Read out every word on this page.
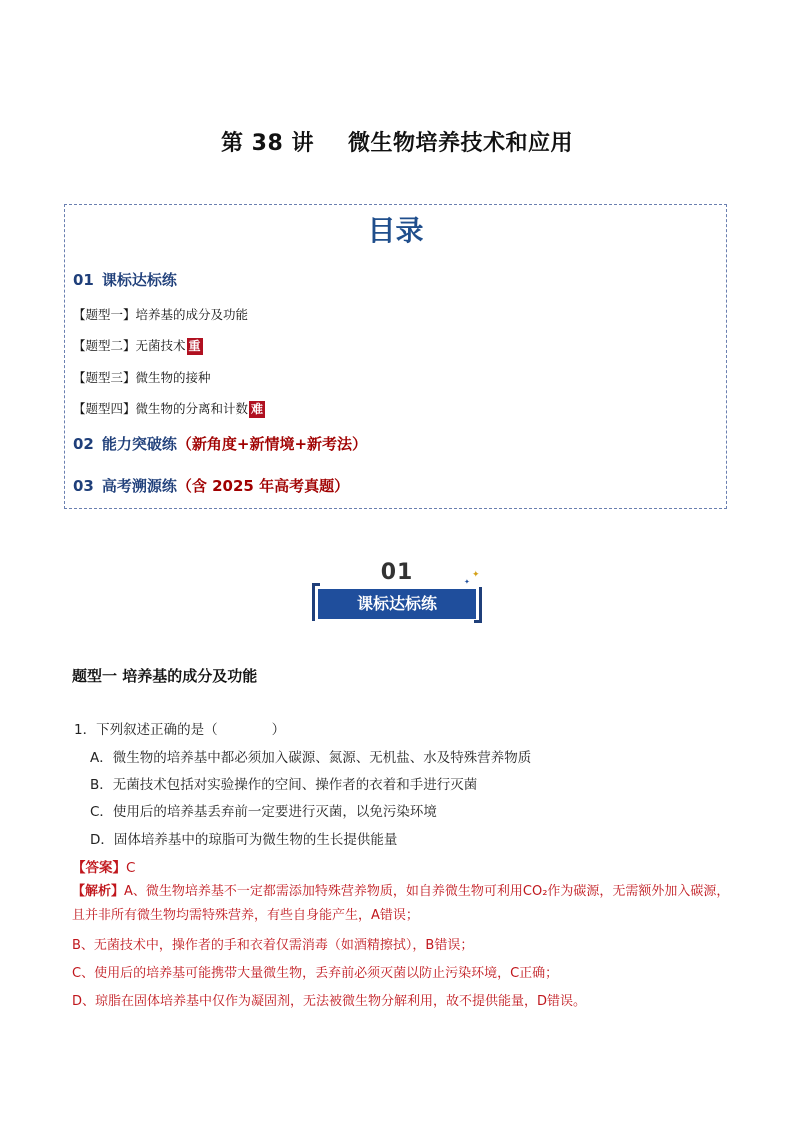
第 38 讲 微生物培养技术和应用
目录
01 课标达标练
【题型一】培养基的成分及功能
【题型二】无菌技术 重
【题型三】微生物的接种
【题型四】微生物的分离和计数 难
02 能力突破练（新角度+新情境+新考法）
03 高考溯源练（含 2025 年高考真题）
01
课标达标练
✦
✦
题型一 培养基的成分及功能
1．下列叙述正确的是（　　　　）
A．微生物的培养基中都必须加入碳源、氮源、无机盐、水及特殊营养物质
B．无菌技术包括对实验操作的空间、操作者的衣着和手进行灭菌
C．使用后的培养基丢弃前一定要进行灭菌，以免污染环境
D．固体培养基中的琼脂可为微生物的生长提供能量
【答案】C
【解析】A、微生物培养基不一定都需添加特殊营养物质，如自养微生物可利用CO₂作为碳源，无需额外加入碳源，且并非所有微生物均需特殊营养，有些自身能产生，A错误；
B、无菌技术中，操作者的手和衣着仅需消毒（如酒精擦拭），B错误；
C、使用后的培养基可能携带大量微生物，丢弃前必须灭菌以防止污染环境，C正确；
D、琼脂在固体培养基中仅作为凝固剂，无法被微生物分解利用，故不提供能量，D错误。
